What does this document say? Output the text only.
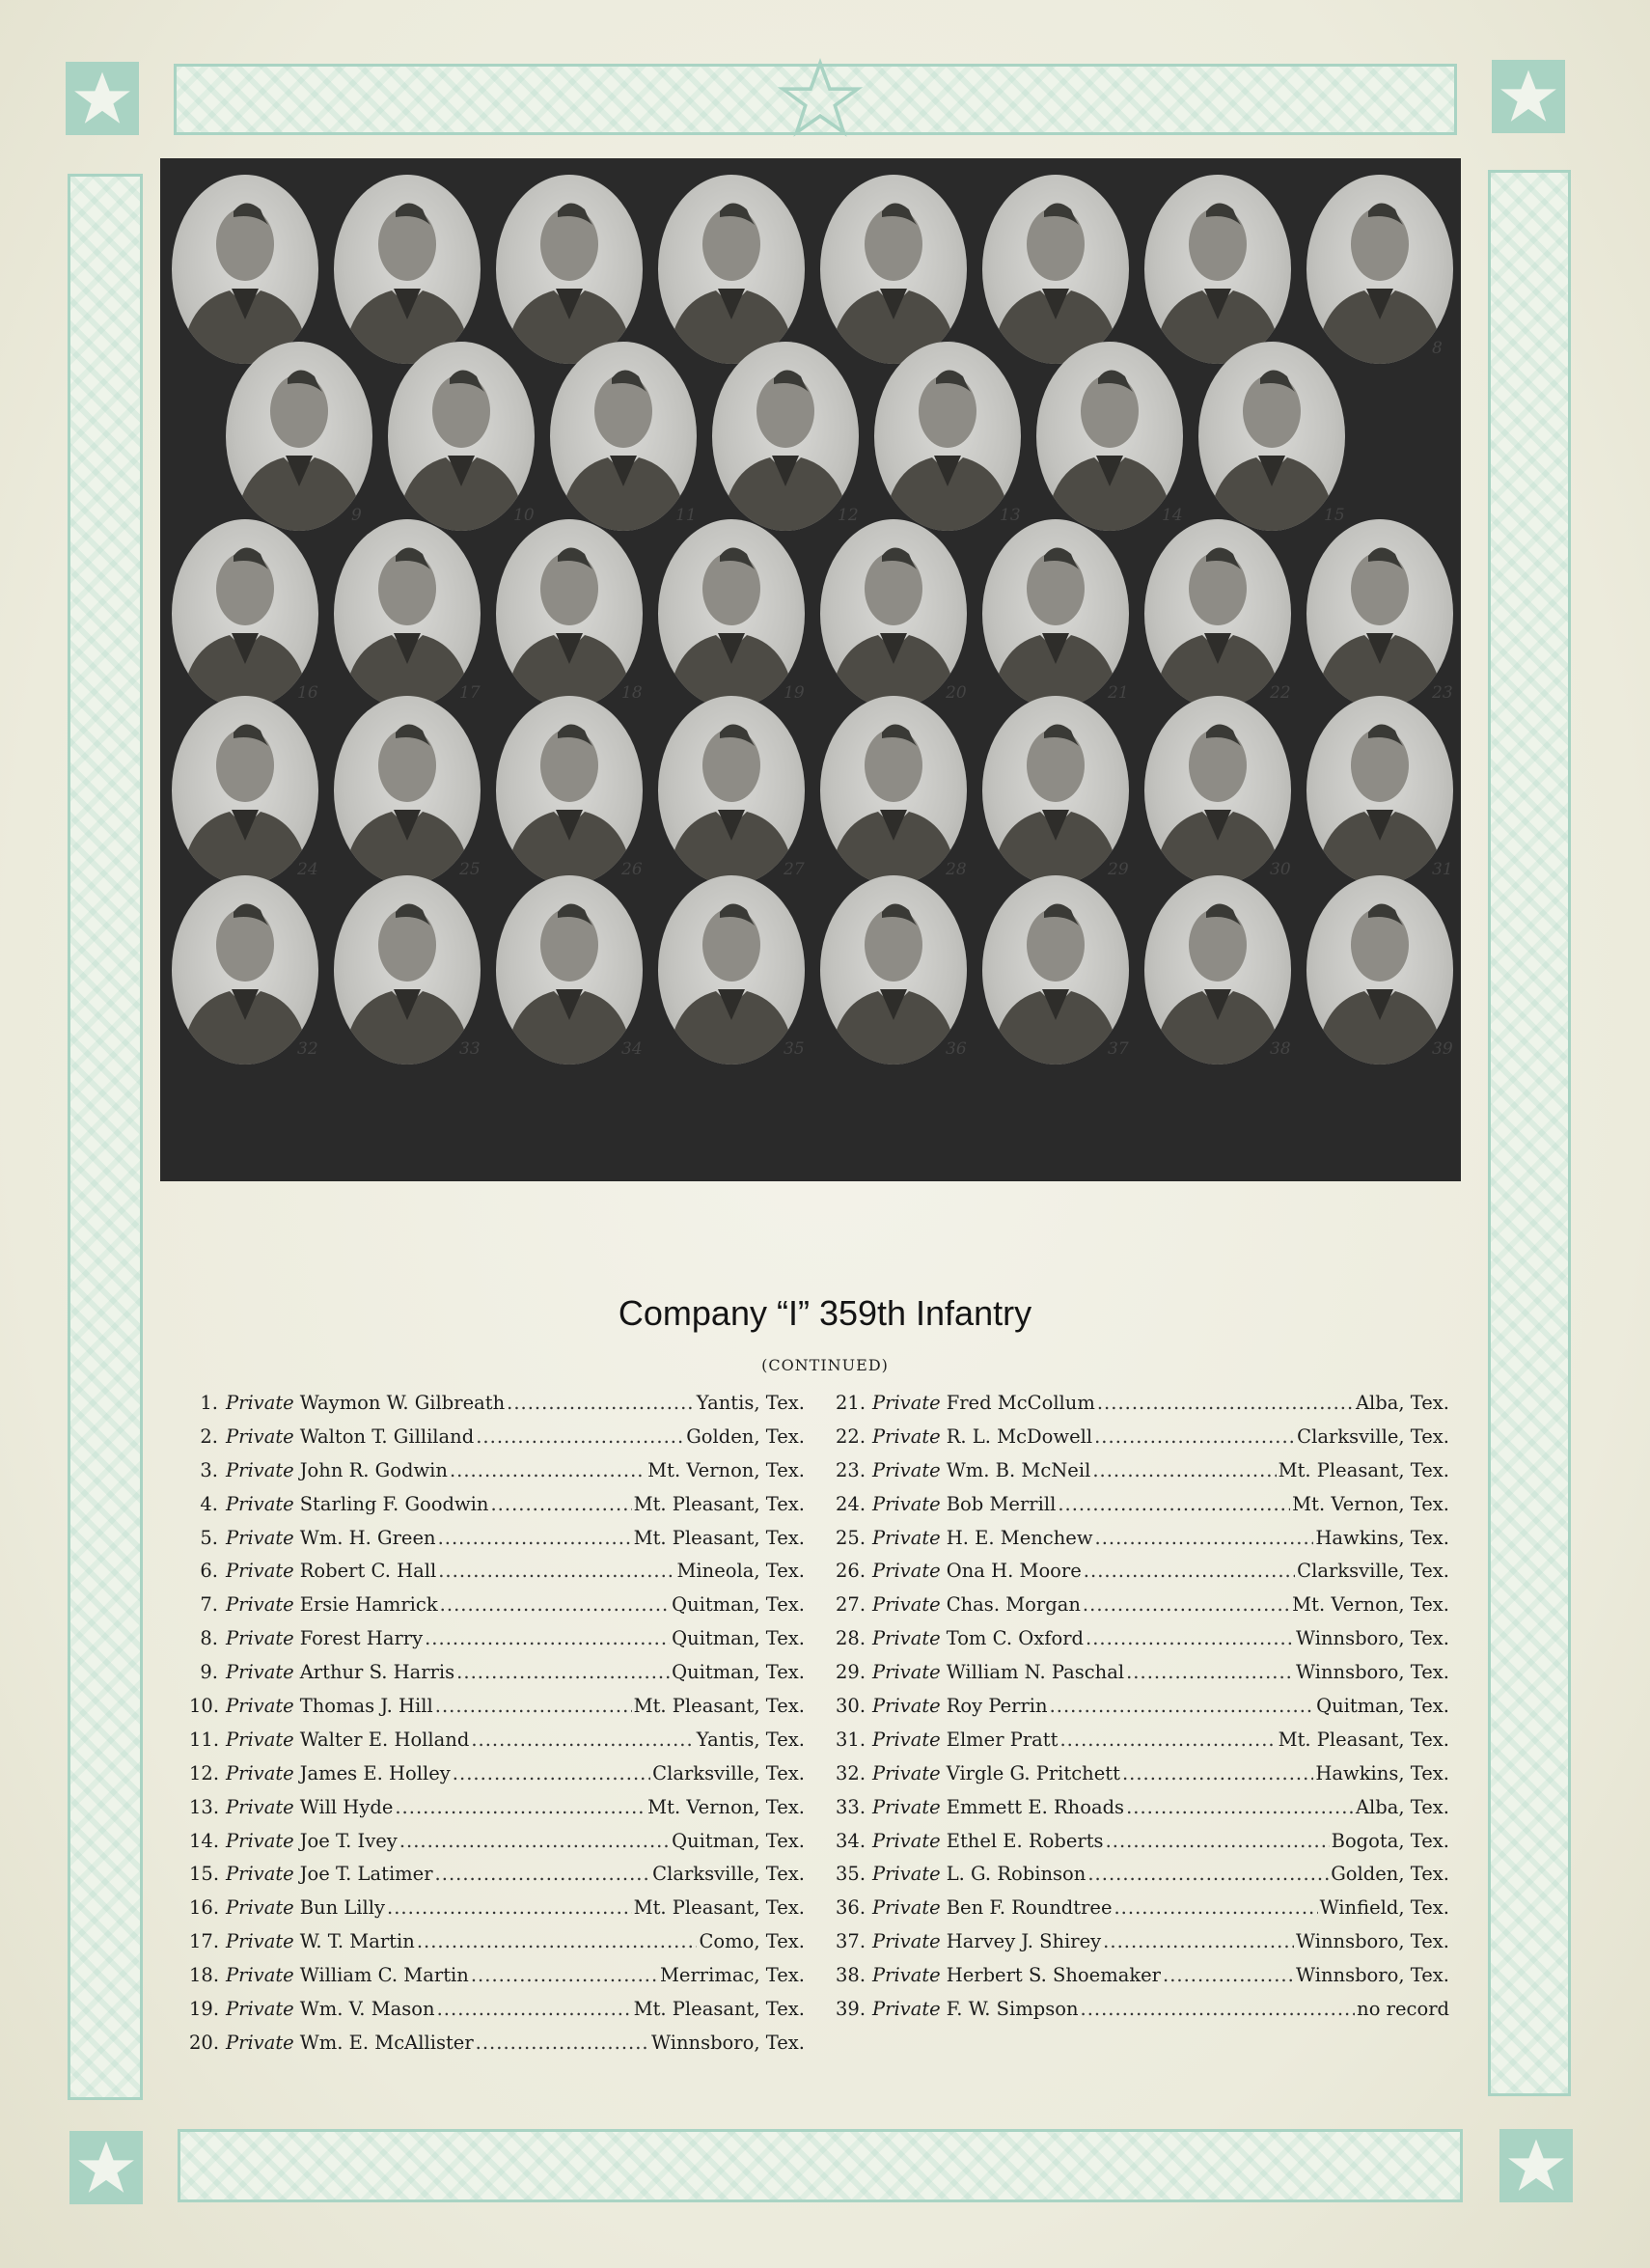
8
9	10	11	12	13	14	15
16	17	18	19	20	21	22	23
24	25	26	27	28	29	30	31
32	33	34	35	36	37	38	39
Company “I” 359th Infantry
(CONTINUED)
1. Private Waymon W. Gilbreath .....	Yantis, Tex.
2. Private Walton T. Gilliland .....	Golden, Tex.
3. Private John R. Godwin .....	Mt. Vernon, Tex.
4. Private Starling F. Goodwin .....	Mt. Pleasant, Tex.
5. Private Wm. H. Green .....	Mt. Pleasant, Tex.
6. Private Robert C. Hall .....	Mineola, Tex.
7. Private Ersie Hamrick .....	Quitman, Tex.
8. Private Forest Harry .....	Quitman, Tex.
9. Private Arthur S. Harris .....	Quitman, Tex.
10. Private Thomas J. Hill .....	Mt. Pleasant, Tex.
11. Private Walter E. Holland .....	Yantis, Tex.
12. Private James E. Holley .....	Clarksville, Tex.
13. Private Will Hyde .....	Mt. Vernon, Tex.
14. Private Joe T. Ivey .....	Quitman, Tex.
15. Private Joe T. Latimer .....	Clarksville, Tex.
16. Private Bun Lilly .....	Mt. Pleasant, Tex.
17. Private W. T. Martin .....	Como, Tex.
18. Private William C. Martin .....	Merrimac, Tex.
19. Private Wm. V. Mason .....	Mt. Pleasant, Tex.
20. Private Wm. E. McAllister .....	Winnsboro, Tex.
21. Private Fred McCollum .....	Alba, Tex.
22. Private R. L. McDowell .....	Clarksville, Tex.
23. Private Wm. B. McNeil .....	Mt. Pleasant, Tex.
24. Private Bob Merrill .....	Mt. Vernon, Tex.
25. Private H. E. Menchew .....	Hawkins, Tex.
26. Private Ona H. Moore .....	Clarksville, Tex.
27. Private Chas. Morgan .....	Mt. Vernon, Tex.
28. Private Tom C. Oxford .....	Winnsboro, Tex.
29. Private William N. Paschal .....	Winnsboro, Tex.
30. Private Roy Perrin .....	Quitman, Tex.
31. Private Elmer Pratt .....	Mt. Pleasant, Tex.
32. Private Virgle G. Pritchett .....	Hawkins, Tex.
33. Private Emmett E. Rhoads .....	Alba, Tex.
34. Private Ethel E. Roberts .....	Bogota, Tex.
35. Private L. G. Robinson .....	Golden, Tex.
36. Private Ben F. Roundtree .....	Winfield, Tex.
37. Private Harvey J. Shirey .....	Winnsboro, Tex.
38. Private Herbert S. Shoemaker .....	Winnsboro, Tex.
39. Private F. W. Simpson .....	no record
